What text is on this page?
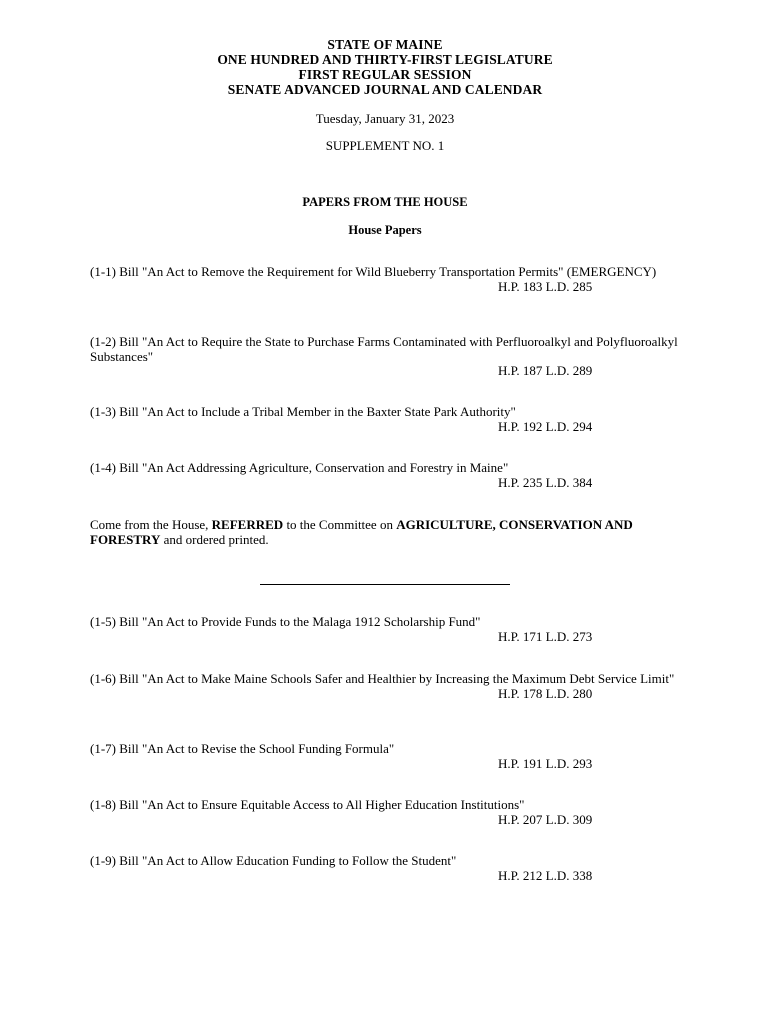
STATE OF MAINE
ONE HUNDRED AND THIRTY-FIRST LEGISLATURE
FIRST REGULAR SESSION
SENATE ADVANCED JOURNAL AND CALENDAR
Tuesday, January 31, 2023
SUPPLEMENT NO. 1
PAPERS FROM THE HOUSE
House Papers
(1-1) Bill "An Act to Remove the Requirement for Wild Blueberry Transportation Permits" (EMERGENCY)
H.P. 183 L.D. 285
(1-2) Bill "An Act to Require the State to Purchase Farms Contaminated with Perfluoroalkyl and Polyfluoroalkyl Substances"
H.P. 187 L.D. 289
(1-3) Bill "An Act to Include a Tribal Member in the Baxter State Park Authority"
H.P. 192 L.D. 294
(1-4) Bill "An Act Addressing Agriculture, Conservation and Forestry in Maine"
H.P. 235 L.D. 384
Come from the House, REFERRED to the Committee on AGRICULTURE, CONSERVATION AND FORESTRY and ordered printed.
(1-5) Bill "An Act to Provide Funds to the Malaga 1912 Scholarship Fund"
H.P. 171 L.D. 273
(1-6) Bill "An Act to Make Maine Schools Safer and Healthier by Increasing the Maximum Debt Service Limit"
H.P. 178 L.D. 280
(1-7) Bill "An Act to Revise the School Funding Formula"
H.P. 191 L.D. 293
(1-8) Bill "An Act to Ensure Equitable Access to All Higher Education Institutions"
H.P. 207 L.D. 309
(1-9) Bill "An Act to Allow Education Funding to Follow the Student"
H.P. 212 L.D. 338
